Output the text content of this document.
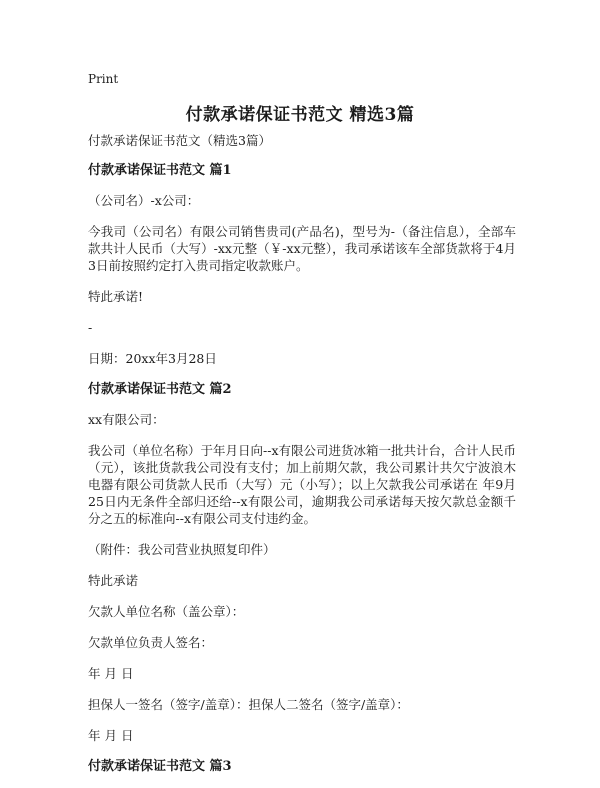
Print
付款承诺保证书范文 精选3篇

付款承诺保证书范文（精选3篇）

付款承诺保证书范文 篇1

（公司名）-x公司：

今我司（公司名）有限公司销售贵司(产品名)，型号为-（备注信息），全部车款共计人民币（大写）-xx元整（￥-xx元整），我司承诺该车全部货款将于4月3日前按照约定打入贵司指定收款账户。

特此承诺!

-

日期：20xx年3月28日

付款承诺保证书范文 篇2

xx有限公司：

我公司（单位名称）于年月日向--x有限公司进货冰箱一批共计台，合计人民币（元），该批货款我公司没有支付；加上前期欠款，我公司累计共欠宁波浪木电器有限公司货款人民币（大写）元（小写）；以上欠款我公司承诺在 年9月25日内无条件全部归还给--x有限公司，逾期我公司承诺每天按欠款总金额千分之五的标准向--x有限公司支付违约金。

（附件：我公司营业执照复印件）

特此承诺

欠款人单位名称（盖公章）：

欠款单位负责人签名：

年 月 日

担保人一签名（签字/盖章）：担保人二签名（签字/盖章）：

年 月 日

付款承诺保证书范文 篇3
